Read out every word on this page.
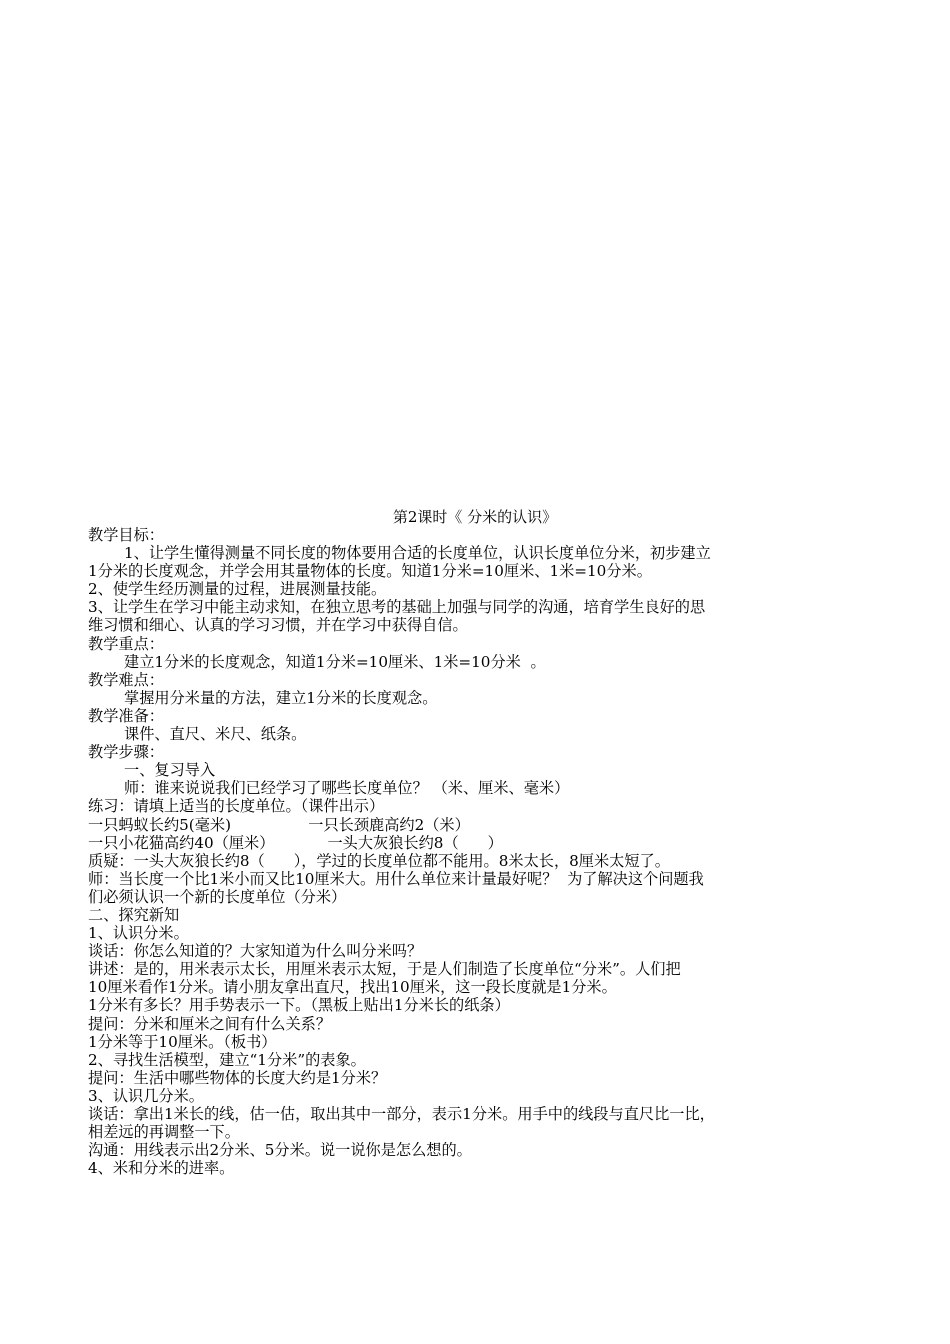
第2课时《 分米的认识》

教学目标：

1、让学生懂得测量不同长度的物体要用合适的长度单位，认识长度单位分米，初步建立

1分米的长度观念，并学会用其量物体的长度。知道1分米=10厘米、1米=10分米。

2、使学生经历测量的过程，进展测量技能。

3、让学生在学习中能主动求知，在独立思考的基础上加强与同学的沟通，培育学生良好的思

维习惯和细心、认真的学习习惯，并在学习中获得自信。

教学重点：

建立1分米的长度观念，知道1分米=10厘米、1米=10分米  。

教学难点：

掌握用分米量的方法，建立1分米的长度观念。

教学准备：

课件、直尺、米尺、纸条。

教学步骤：

一、复习导入

师：谁来说说我们已经学习了哪些长度单位？ （米、厘米、毫米）

练习：请填上适当的长度单位。（课件出示）

一只蚂蚁长约5(毫米)                一只长颈鹿高约2（米）

一只小花猫高约40（厘米）           一头大灰狼长约8（      ）

质疑：一头大灰狼长约8（      ），学过的长度单位都不能用。8米太长，8厘米太短了。

师：当长度一个比1米小而又比10厘米大。用什么单位来计量最好呢？  为了解决这个问题我

们必须认识一个新的长度单位（分米）

二、探究新知

1、认识分米。

谈话：你怎么知道的？大家知道为什么叫分米吗？

讲述：是的，用米表示太长，用厘米表示太短，于是人们制造了长度单位“分米”。人们把

10厘米看作1分米。请小朋友拿出直尺，找出10厘米，这一段长度就是1分米。

1分米有多长？用手势表示一下。（黑板上贴出1分米长的纸条）

提问：分米和厘米之间有什么关系？

1分米等于10厘米。（板书）

2、寻找生活模型，建立“1分米”的表象。

提问：生活中哪些物体的长度大约是1分米？

3、认识几分米。

谈话：拿出1米长的线，估一估，取出其中一部分，表示1分米。用手中的线段与直尺比一比，

相差远的再调整一下。

沟通：用线表示出2分米、5分米。说一说你是怎么想的。

4、米和分米的进率。
